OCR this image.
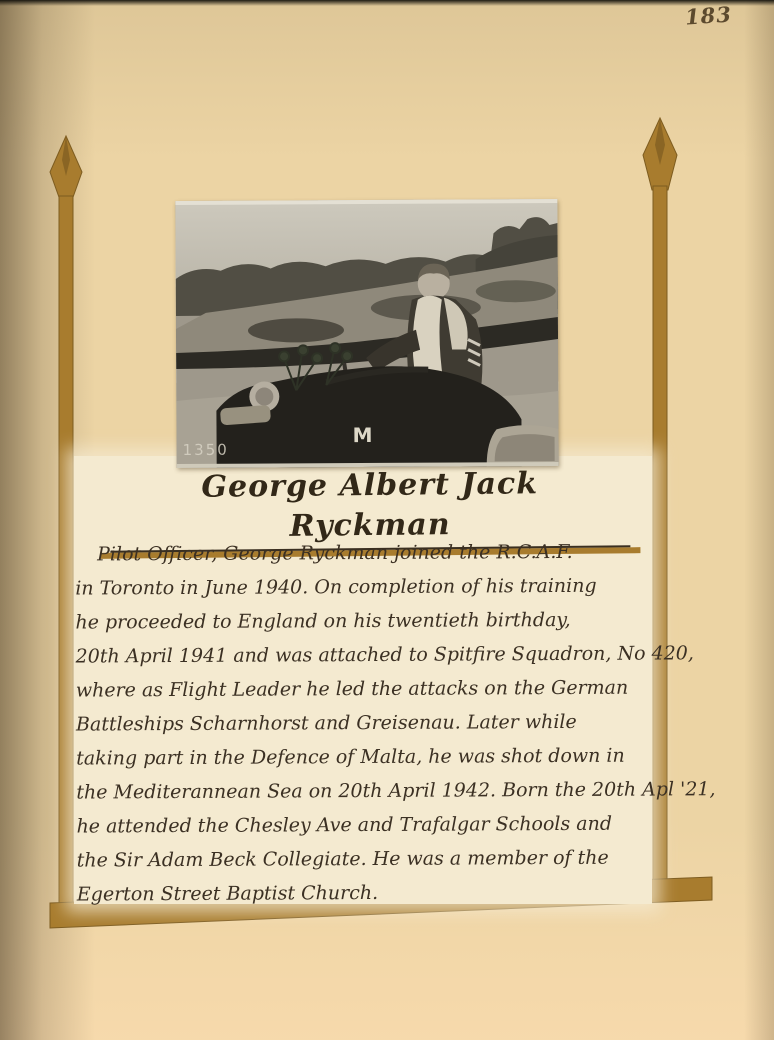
183
1350
M
George Albert Jack Ryckman
Pilot Officer, George Ryckman joined the R.C.A.F.
in Toronto in June 1940. On completion of his training
he proceeded to England on his twentieth birthday,
20th April 1941 and was attached to Spitfire Squadron, No 420,
where as Flight Leader he led the attacks on the German
Battleships Scharnhorst and Greisenau. Later while
taking part in the Defence of Malta, he was shot down in
the Mediterannean Sea on 20th April 1942. Born the 20th Apl '21,
he attended the Chesley Ave and Trafalgar Schools and
the Sir Adam Beck Collegiate. He was a member of the
Egerton Street Baptist Church.
